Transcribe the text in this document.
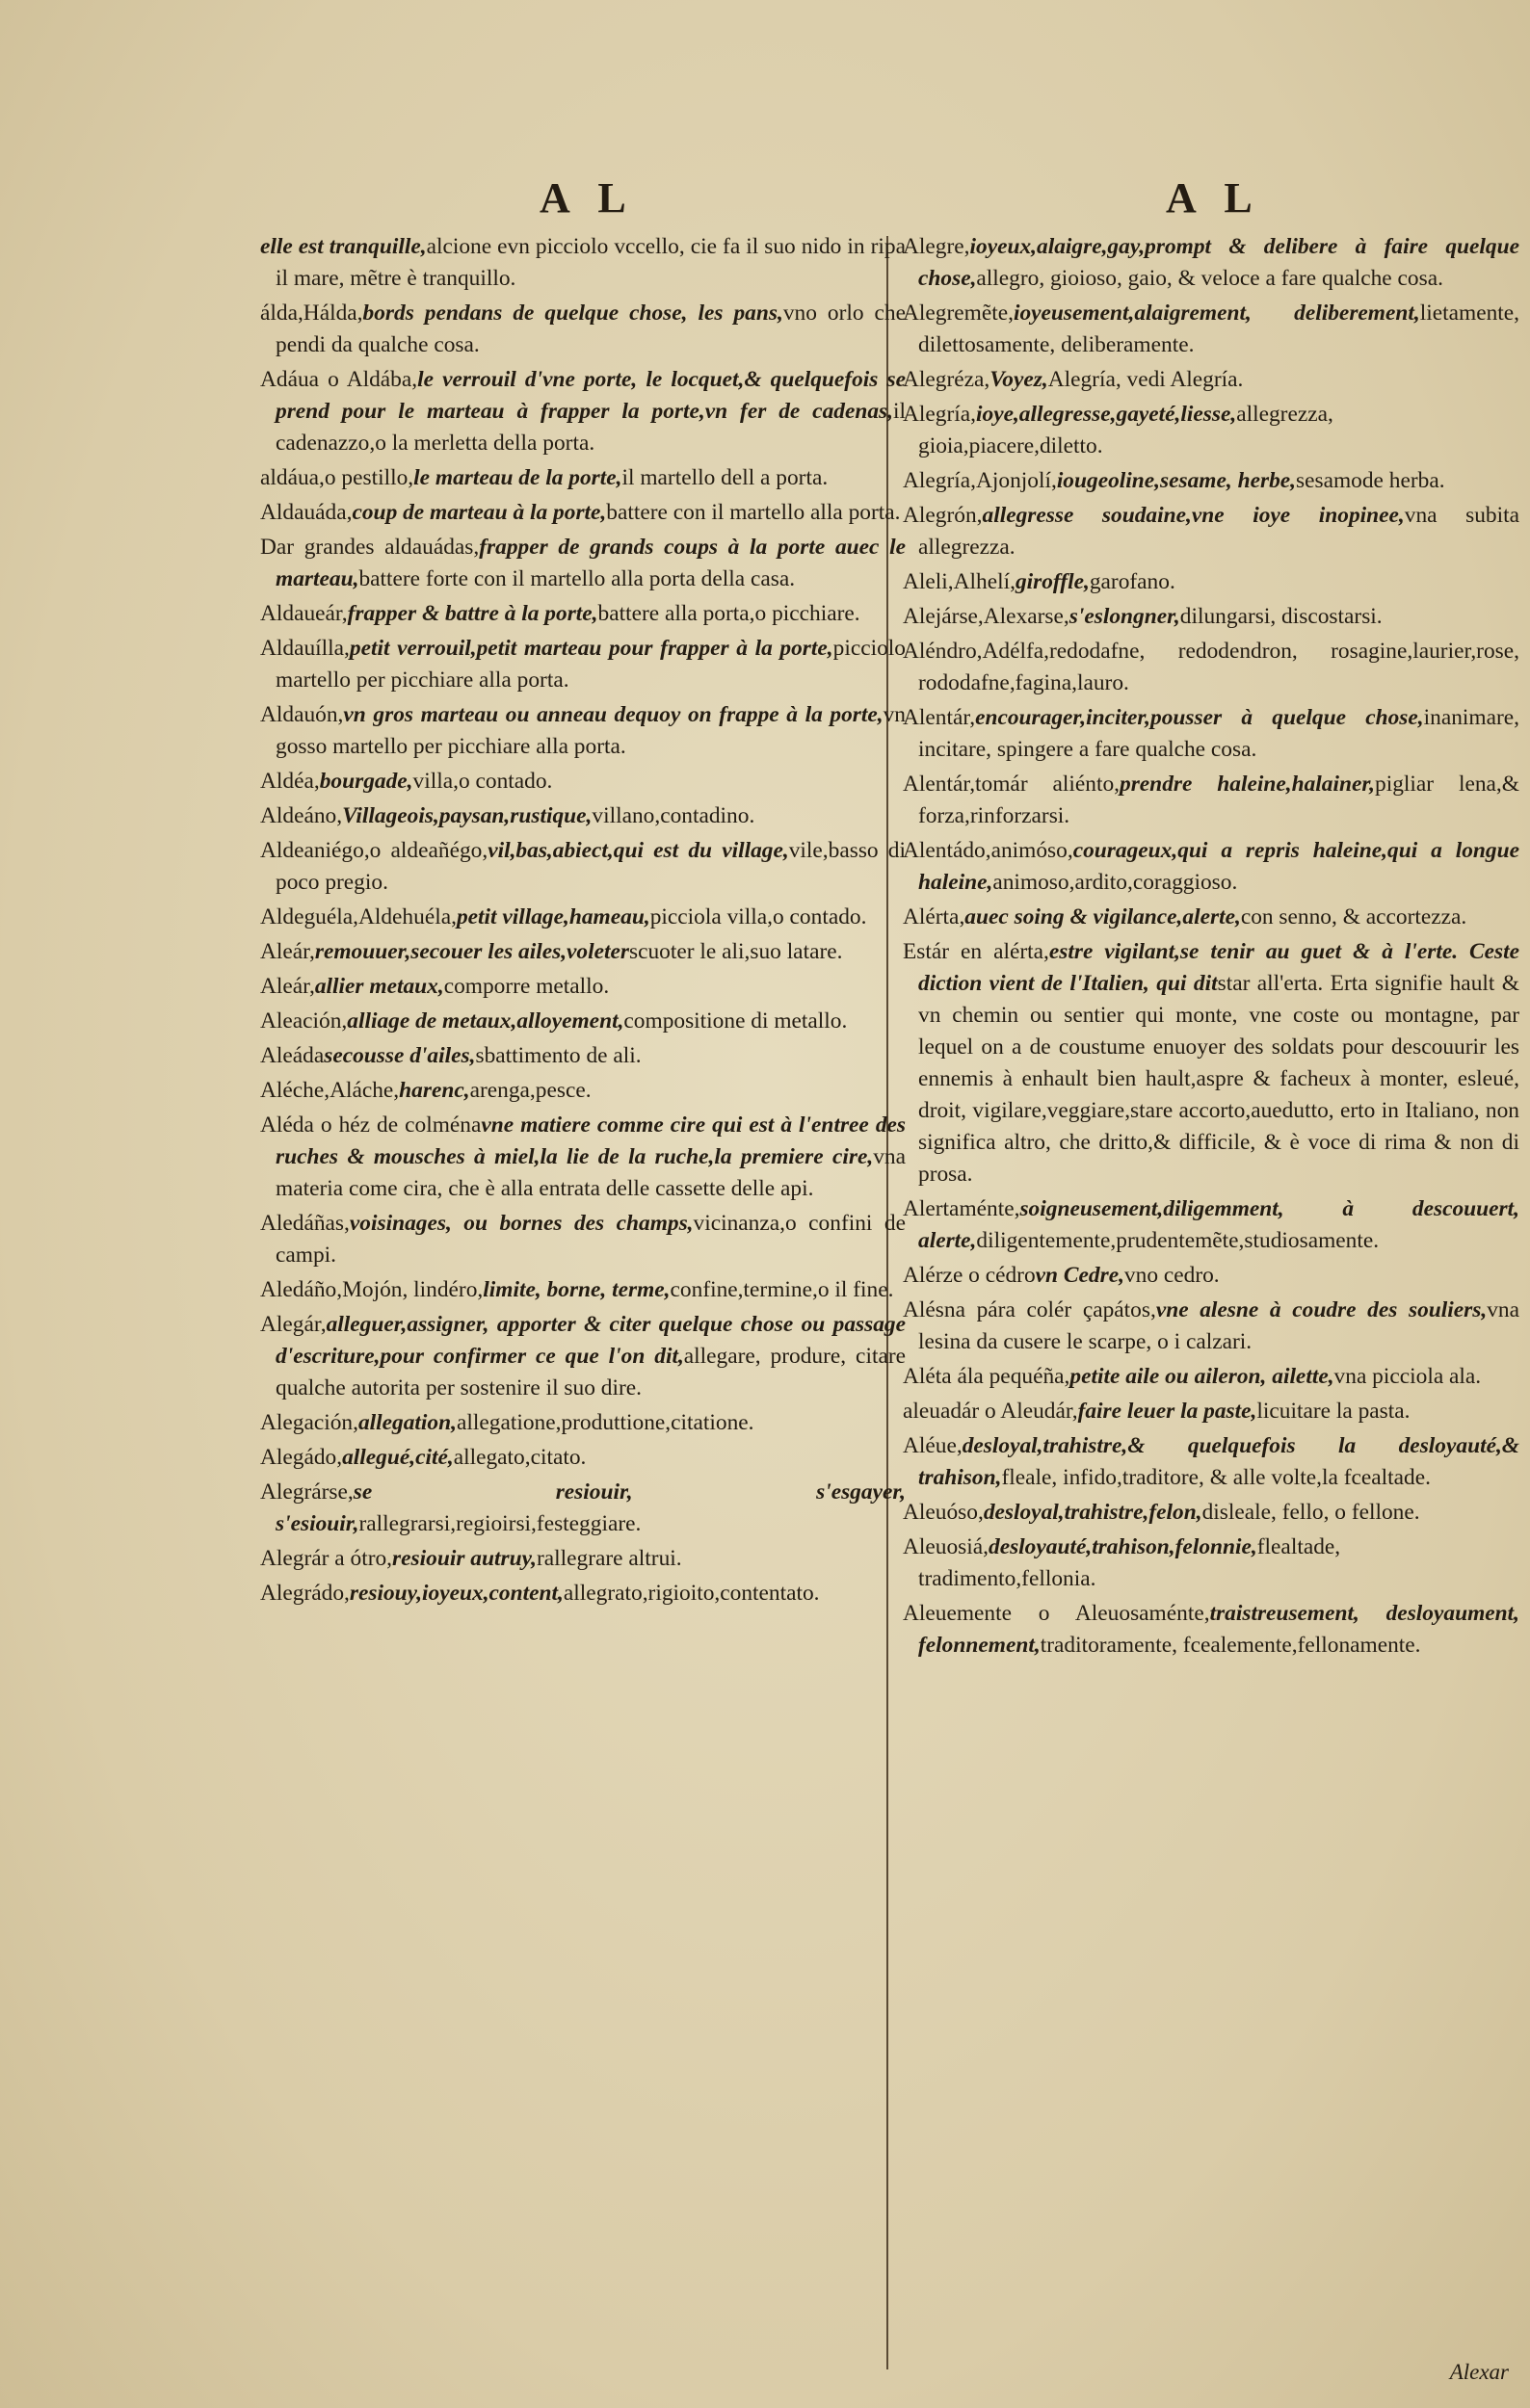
A L	A L

elle est tranquille,alcione evn picciolo vccello, cie fa il suo nido in ripa il mare, mẽtre è tranquillo.

álda,Hálda,bords pendans de quelque chose, les pans,vno orlo che pendi da qualche cosa.

Adáua o Aldába,le verrouil d'vne porte, le locquet,& quelquefois se prend pour le marteau à frapper la porte,vn fer de cadenas,il cadenazzo,o la merletta della porta.

aldáua,o pestillo,le marteau de la porte,il martello dell a porta.

Aldauáda,coup de marteau à la porte,battere con il martello alla porta.

Dar grandes aldauádas,frapper de grands coups à la porte auec le marteau,battere forte con il martello alla porta della casa.

Aldaueár,frapper & battre à la porte,battere alla porta,o picchiare.

Aldauílla,petit verrouil,petit marteau pour frapper à la porte,picciolo martello per picchiare alla porta.

Aldauón,vn gros marteau ou anneau dequoy on frappe à la porte,vn gosso martello per picchiare alla porta.

Aldéa,bourgade,villa,o contado.

Aldeáno,Villageois,paysan,rustique,villano,contadino.

Aldeaniégo,o aldeañégo,vil,bas,abiect,qui est du village,vile,basso di poco pregio.

Aldeguéla,Aldehuéla,petit village,hameau,picciola villa,o contado.

Aleár,remouuer,secouer les ailes,voleterscuoter le ali,suo latare.

Aleár,allier metaux,comporre metallo.

Aleación,alliage de metaux,alloyement,compositione di metallo.

Aleádasecousse d'ailes,sbattimento de ali.

Aléche,Aláche,harenc,arenga,pesce.

Aléda o héz de colménavne matiere comme cire qui est à l'entree des ruches & mousches à miel,la lie de la ruche,la premiere cire,vna materia come cira, che è alla entrata delle cassette delle api.

Aledáñas,voisinages, ou bornes des champs,vicinanza,o confini de campi.

Aledáño,Mojón, lindéro,limite, borne, terme,confine,termine,o il fine.

Alegár,alleguer,assigner, apporter & citer quelque chose ou passage d'escriture,pour confirmer ce que l'on dit,allegare, produre, citare qualche autorita per sostenire il suo dire.

Alegación,allegation,allegatione,produttione,citatione.

Alegádo,allegué,cité,allegato,citato.

Alegrárse,se resiouir, s'esgayer, s'esiouir,rallegrarsi,regioirsi,festeggiare.

Alegrár a ótro,resiouir autruy,rallegrare altrui.

Alegrádo,resiouy,ioyeux,content,allegrato,rigioito,contentato.

Alegre,ioyeux,alaigre,gay,prompt & delibere à faire quelque chose,allegro, gioioso, gaio, & veloce a fare qualche cosa.

Alegremẽte,ioyeusement,alaigrement, deliberement,lietamente, dilettosamente, deliberamente.

Alegréza,Voyez,Alegría, vedi Alegría.

Alegría,ioye,allegresse,gayeté,liesse,allegrezza, gioia,piacere,diletto.

Alegría,Ajonjolí,iougeoline,sesame, herbe,sesamode herba.

Alegrón,allegresse soudaine,vne ioye inopinee,vna subita allegrezza.

Aleli,Alhelí,giroffle,garofano.

Alejárse,Alexarse,s'eslongner,dilungarsi, discostarsi.

Aléndro,Adélfa,redodafne, redodendron, rosagine,laurier,rose, rododafne,fagina,lauro.

Alentár,encourager,inciter,pousser à quelque chose,inanimare, incitare, spingere a fare qualche cosa.

Alentár,tomár aliénto,prendre haleine,halainer,pigliar lena,& forza,rinforzarsi.

Alentádo,animóso,courageux,qui a repris haleine,qui a longue haleine,animoso,ardito,coraggioso.

Alérta,auec soing & vigilance,alerte,con senno, & accortezza.

Estár en alérta,estre vigilant,se tenir au guet & à l'erte. Ceste diction vient de l'Italien, qui ditstar all'erta. Erta signifie hault & vn chemin ou sentier qui monte, vne coste ou montagne, par lequel on a de coustume enuoyer des soldats pour descouurir les ennemis à enhault bien hault,aspre & facheux à monter, esleué, droit, vigilare,veggiare,stare accorto,auedutto, erto in Italiano, non significa altro, che dritto,& difficile, & è voce di rima & non di prosa.

Alertaménte,soigneusement,diligemment, à descouuert, alerte,diligentemente,prudentemẽte,studiosamente.

Alérze o cédrovn Cedre,vno cedro.

Alésna pára colér çapátos,vne alesne à coudre des souliers,vna lesina da cusere le scarpe, o i calzari.

Aléta ála pequéña,petite aile ou aileron, ailette,vna picciola ala.

aleuadár o Aleudár,faire leuer la paste,licuitare la pasta.

Aléue,desloyal,trahistre,& quelquefois la desloyauté,& trahison,fleale, infido,traditore, & alle volte,la fcealtade.

Aleuóso,desloyal,trahistre,felon,disleale, fello, o fellone.

Aleuosiá,desloyauté,trahison,felonnie,flealtade, tradimento,fellonia.

Aleuemente o Aleuosaménte,traistreusement, desloyaument, felonnement,traditoramente, fcealemente,fellonamente.

Alexar
